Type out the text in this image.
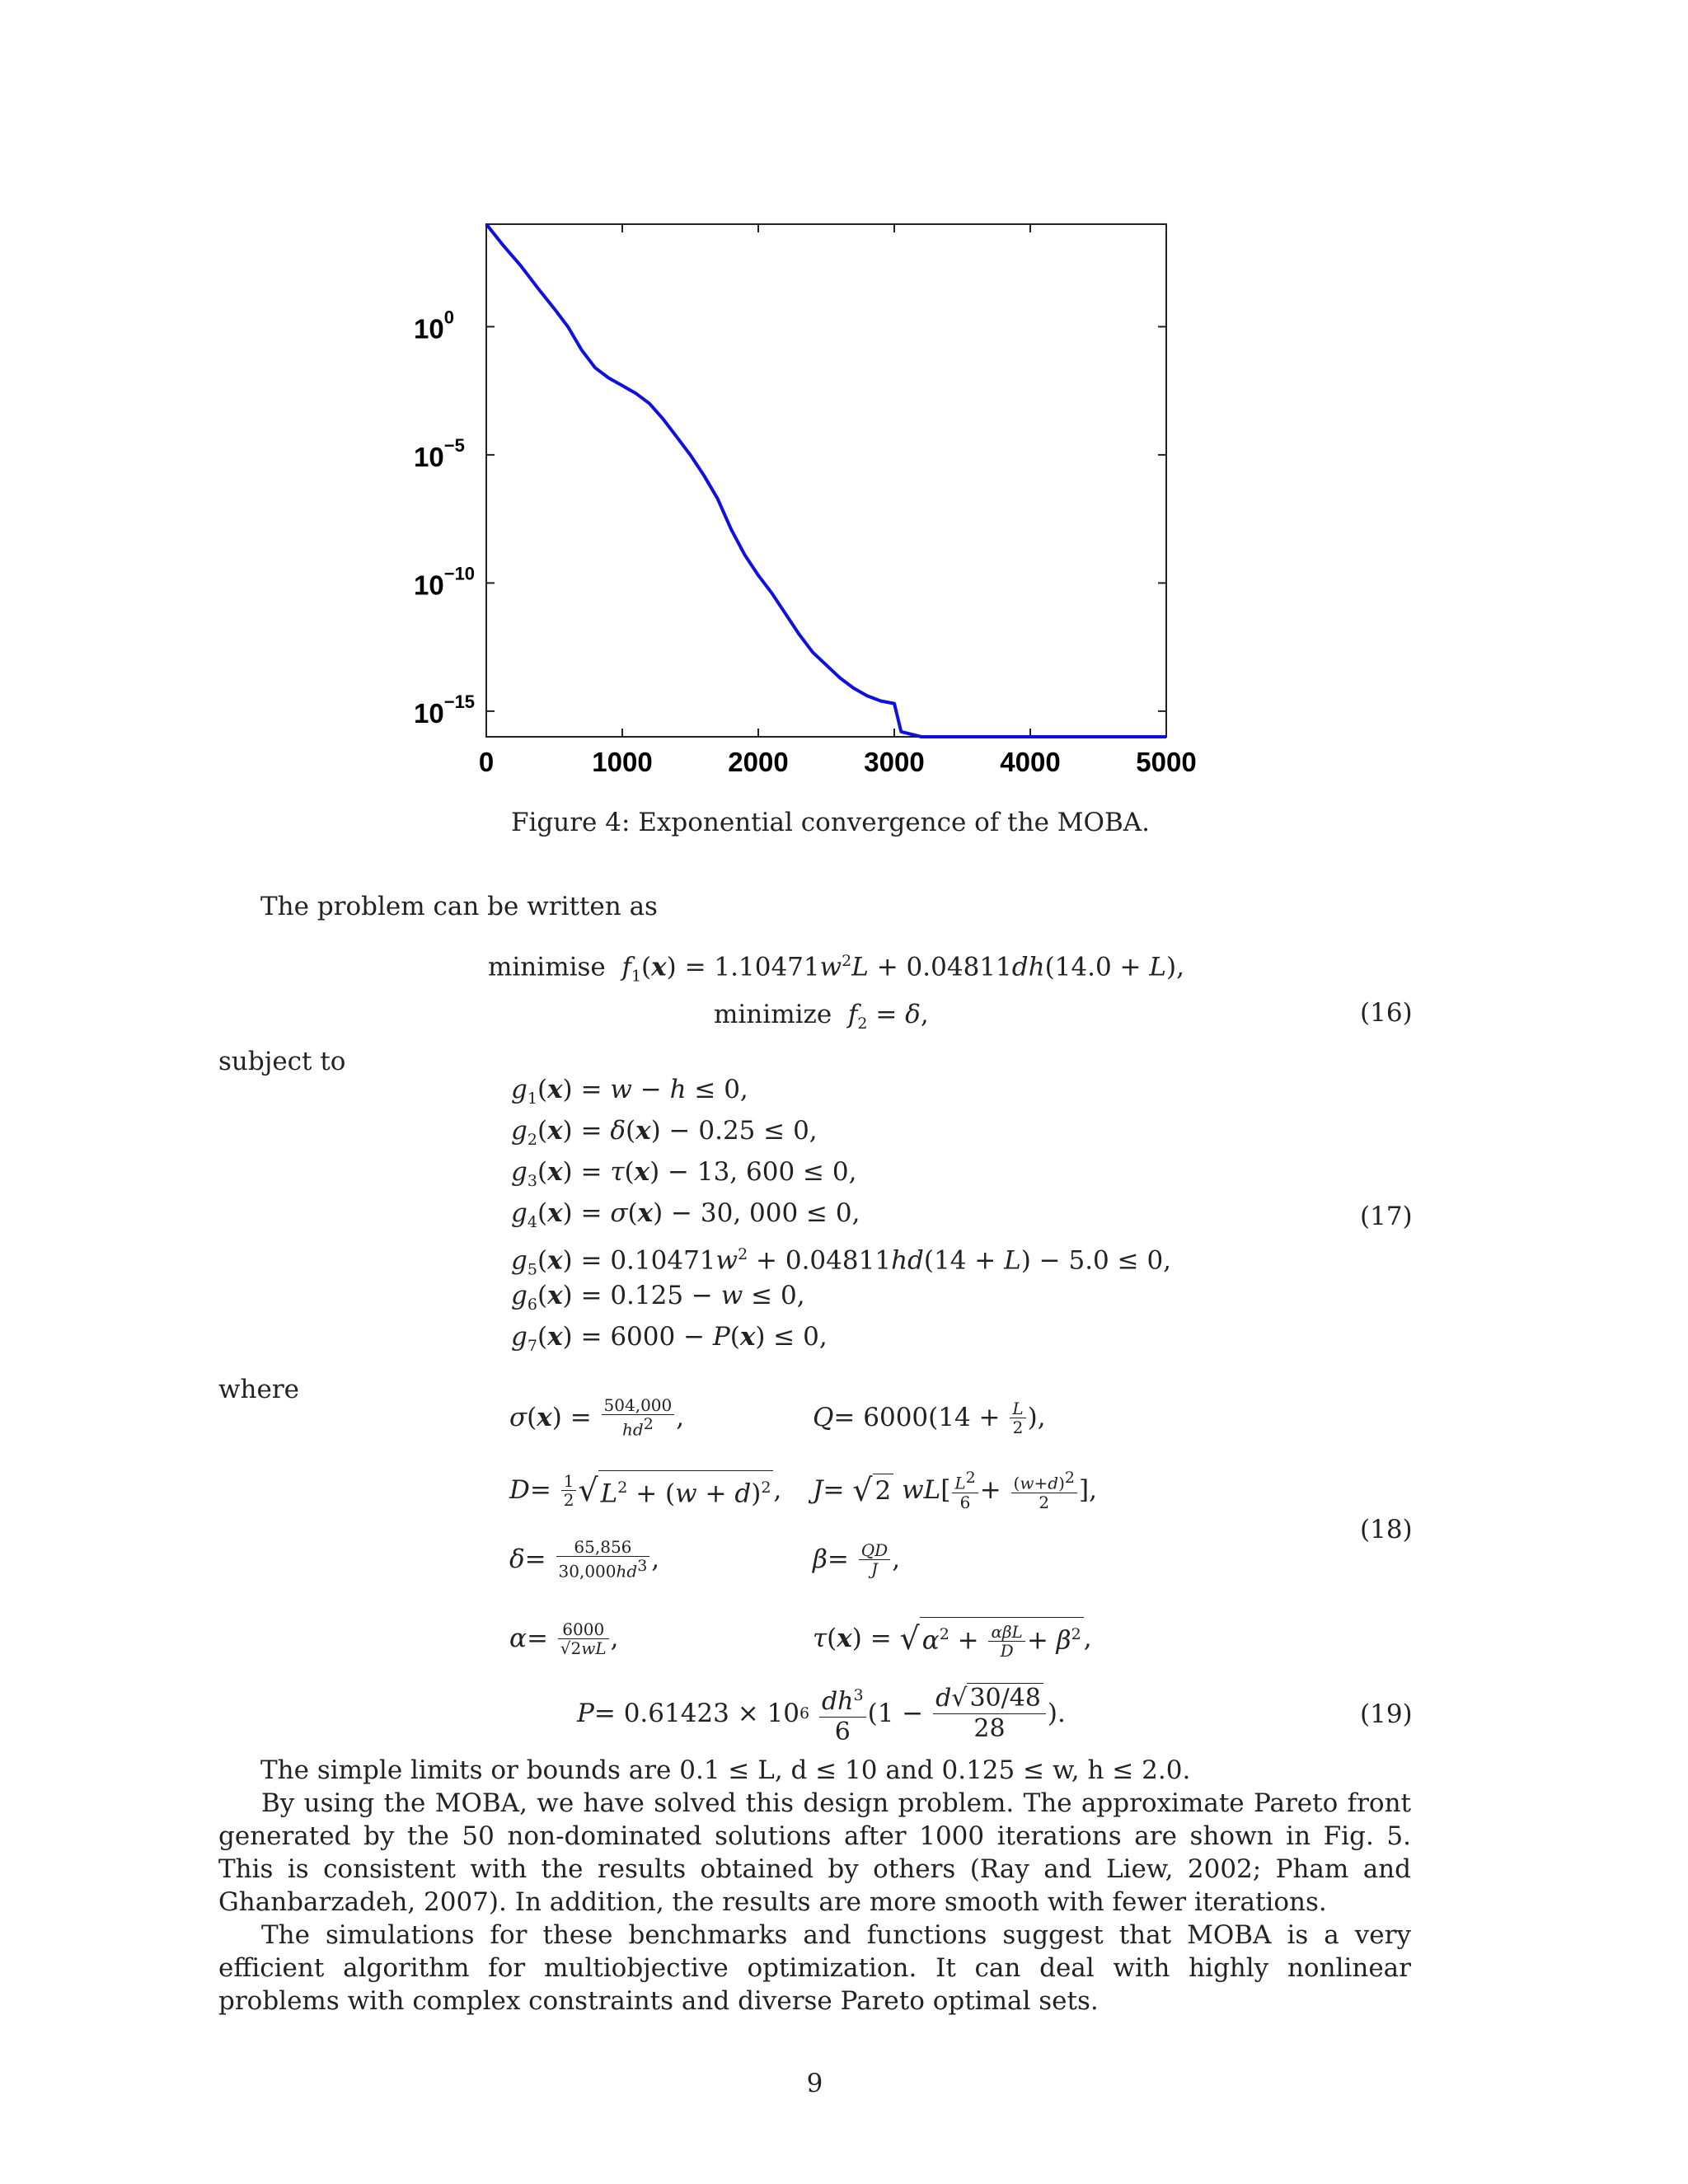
0	1000	2000	3000	4000	5000
$10^0$
$10^{-5}$
$10^{-10}$
$10^{-15}$
Figure 4: Exponential convergence of the MOBA.
The problem can be written as
minimise  $f_1(x) = 1.10471w^2L + 0.04811dh(14.0 + L)$,
minimize  $f_2 = \delta$,	(16)
subject to
$g_1(x) = w - h \le 0$,
$g_2(x) = \delta(x) - 0.25 \le 0$,
$g_3(x) = \tau(x) - 13$, 600 ≤ 0,
$g_4(x) = \sigma(x) - 30$, 000 ≤ 0,
$g_5(x) = 0.10471w^2 + 0.04811hd(14 + L) - 5.0 \le 0$,
$g_6(x) = 0.125 - w \le 0$,
$g_7(x) = 6000 - P(x) \le 0$,
(17)
where
σ ( x ) = $\frac{504,000}{hd^2}$ ,	$Q = 6000(14 + \frac{L}{2}$ ),
$D = \frac{1}{2}$ √ $L^2 + (w + d)^2$ , J = √ 2
wL [ $\frac{L^2}{6} + \frac{(w+d)^2}{2}$ ],
$\delta = \frac{65,856}{30,000hd^3}$ ,	$\beta = \frac{QD}{J}$ ,
(18)
$\alpha = \frac{6000}{√2wL}$ ,	τ ( x ) = √ $\alpha^2 + \frac{\text{αβL}}{D} + \beta^2$ ,
P = 0.61423 × 10 6
$\frac{dh^3}{6} (1 - \frac{d√ 30/48}{28}$ ).	(19)
The simple limits or bounds are 0.1 ≤ L, d ≤ 10 and 0.125 ≤ w, h ≤ 2.0.
By using the MOBA, we have solved this design problem. The approximate Pareto front generated by the 50 non-dominated solutions after 1000 iterations are shown in Fig. 5. This is consistent with the results obtained by others (Ray and Liew, 2002; Pham and Ghanbarzadeh, 2007). In addition, the results are more smooth with fewer iterations.
The simulations for these benchmarks and functions suggest that MOBA is a very efficient algorithm for multiobjective optimization. It can deal with highly nonlinear problems with complex constraints and diverse Pareto optimal sets.
9
